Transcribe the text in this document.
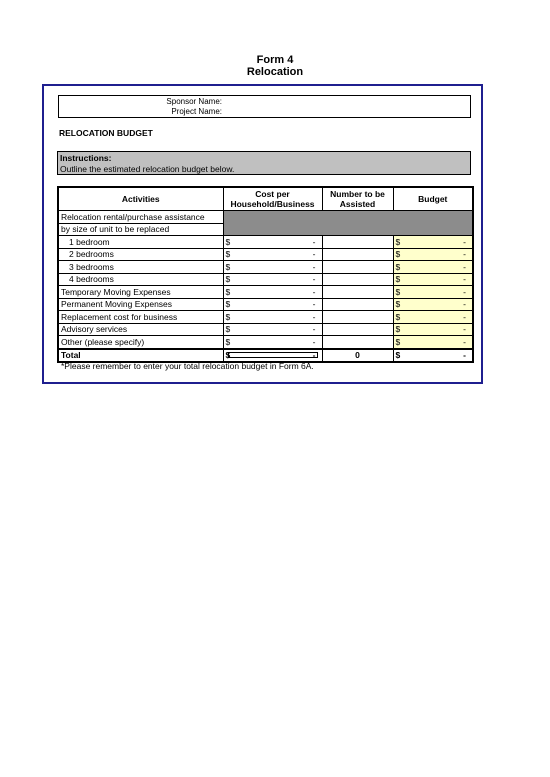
Form 4
Relocation
Sponsor Name:
Project Name:
RELOCATION BUDGET
Instructions:
Outline the estimated relocation budget below.
Activities	Cost per Household/Business	Number to be Assisted	Budget
Relocation rental/purchase assistance			
by size of unit to be replaced			
1 bedroom	$ -		$ -

2 bedrooms	$ -		$ -

3 bedrooms	$ -		$ -

4 bedrooms	$ -		$ -

Temporary Moving Expenses	$ -		$ -

Permanent Moving Expenses	$ -		$ -

Replacement cost for business	$ -		$ -

Advisory services	$ -		$ -

Other (please specify)	$ -		$ -

Total	$ -	0	$ -
*Please remember to enter your total relocation budget in Form 6A.
